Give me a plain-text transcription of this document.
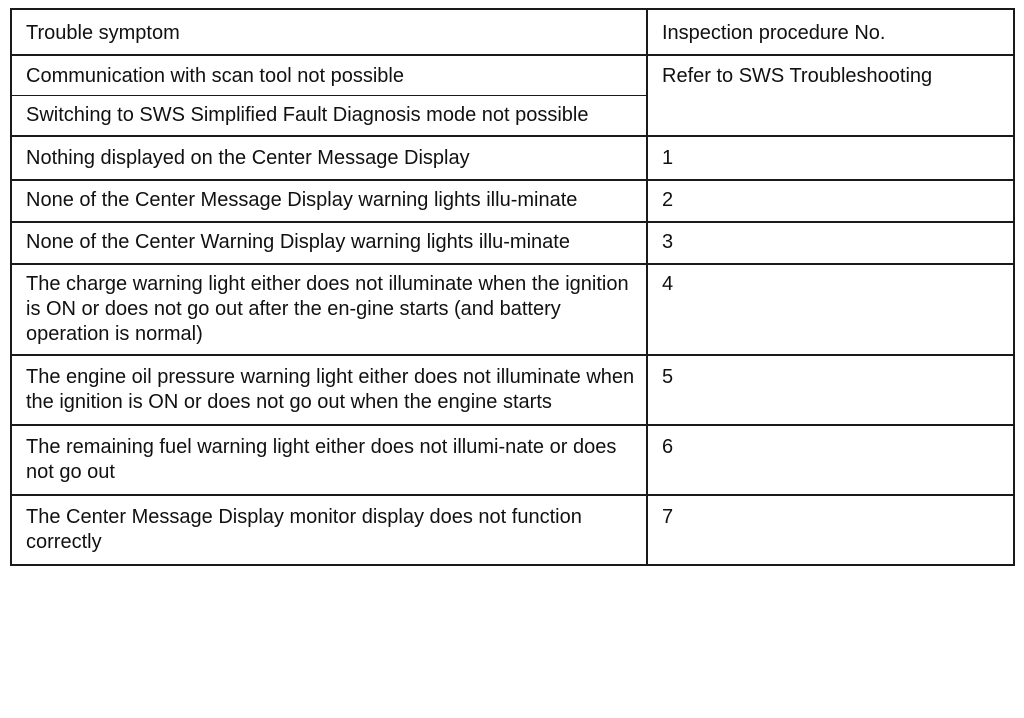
Trouble symptom	Inspection procedure No.
Communication with scan tool not possible	Refer to SWS Troubleshooting
Switching to SWS Simplified Fault Diagnosis mode not possible	
Nothing displayed on the Center Message Display	1
None of the Center Message Display warning lights illu-minate	2
None of the Center Warning Display warning lights illu-minate	3
The charge warning light either does not illuminate when the ignition is ON or does not go out after the en-gine starts (and battery operation is normal)	4
The engine oil pressure warning light either does not illuminate when the ignition is ON or does not go out when the engine starts	5
The remaining fuel warning light either does not illumi-nate or does not go out	6
The Center Message Display monitor display does not function correctly	7
